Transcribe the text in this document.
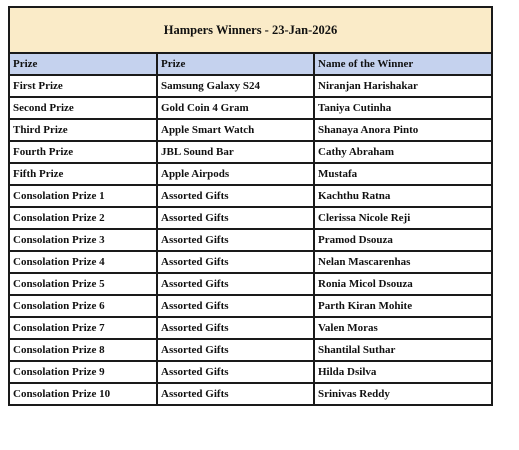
Hampers Winners - 23-Jan-2026		
Prize	Prize	Name of the Winner
First Prize	Samsung Galaxy S24	Niranjan Harishakar
Second Prize	Gold Coin 4 Gram	Taniya Cutinha
Third Prize	Apple Smart Watch	Shanaya Anora Pinto
Fourth Prize	JBL Sound Bar	Cathy Abraham
Fifth Prize	Apple Airpods	Mustafa
Consolation Prize 1	Assorted Gifts	Kachthu Ratna
Consolation Prize 2	Assorted Gifts	Clerissa Nicole Reji
Consolation Prize 3	Assorted Gifts	Pramod Dsouza
Consolation Prize 4	Assorted Gifts	Nelan Mascarenhas
Consolation Prize 5	Assorted Gifts	Ronia Micol Dsouza
Consolation Prize 6	Assorted Gifts	Parth Kiran Mohite
Consolation Prize 7	Assorted Gifts	Valen Moras
Consolation Prize 8	Assorted Gifts	Shantilal Suthar
Consolation Prize 9	Assorted Gifts	Hilda Dsilva
Consolation Prize 10	Assorted Gifts	Srinivas Reddy
